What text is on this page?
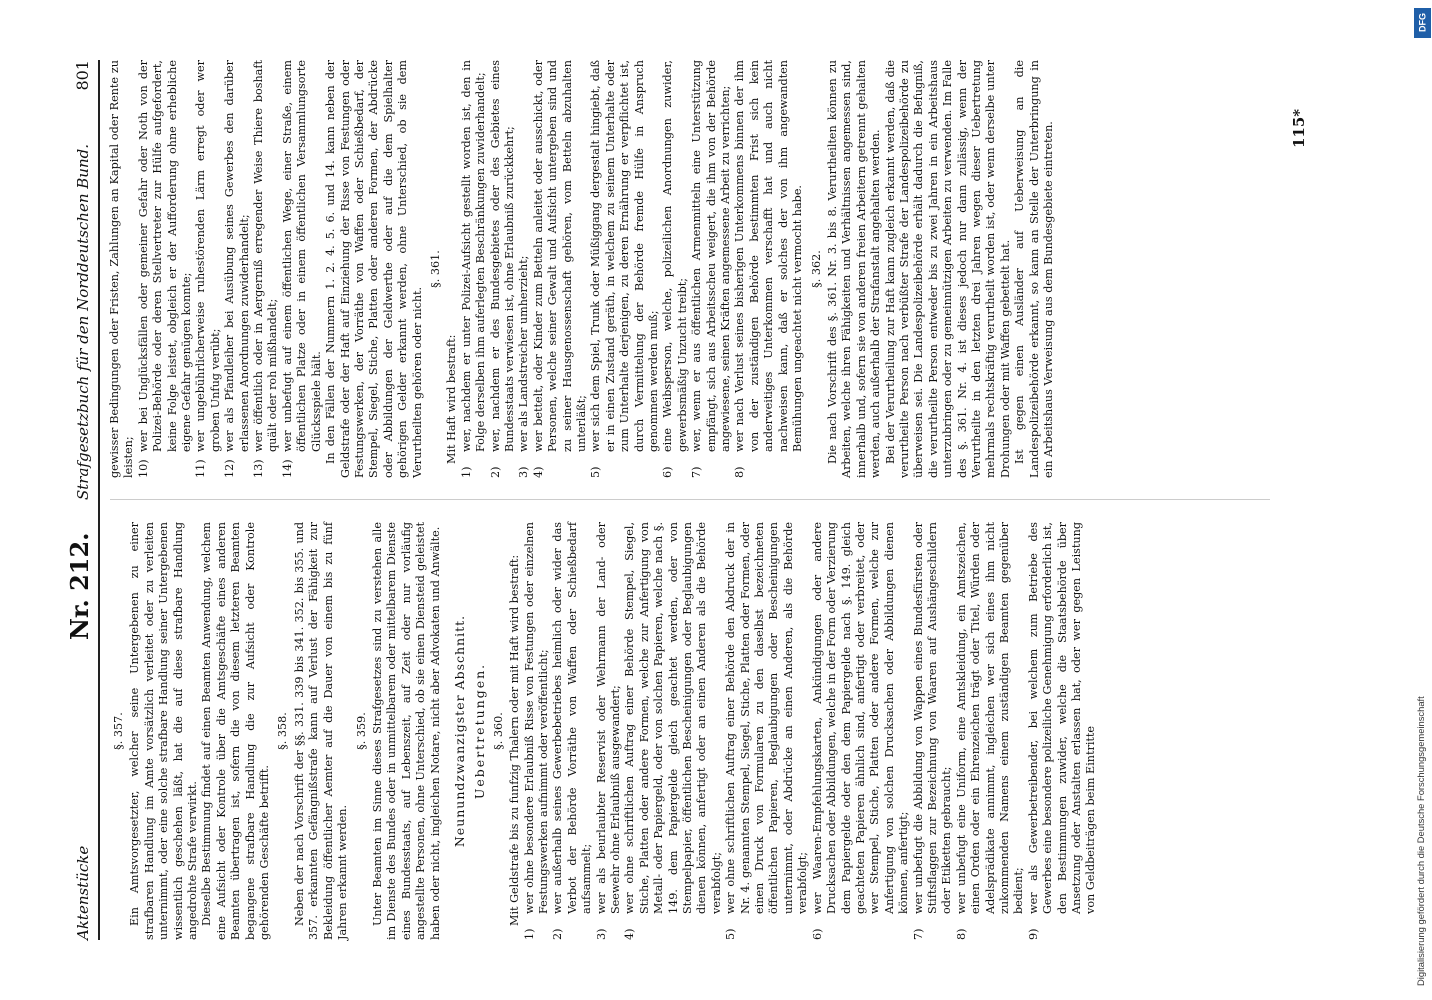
Aktenstücke
Nr. 212.
Strafgesetzbuch für den Norddeutschen Bund.
801
§. 357. Ein Amtsvorgesetzter, welcher seine Untergebenen zu einer strafbaren Handlung im Amte vorsätzlich verleitet oder zu verleiten unternimmt, oder eine solche strafbare Handlung seiner Untergebenen wissentlich geschehen läßt, hat die auf diese strafbare Handlung angedrohte Strafe verwirkt. Dieselbe Bestimmung findet auf einen Beamten Anwendung, welchem eine Aufsicht oder Kontrole über die Amtsgeschäfte eines anderen Beamten übertragen ist, sofern die von diesem letzteren Beamten begangene strafbare Handlung die zur Aufsicht oder Kontrole gehörenden Geschäfte betrifft.

§. 358. Neben der nach Vorschrift der §§. 331. 339 bis 341. 352. bis 355. und 357. erkannten Gefängnißstrafe kann auf Verlust der Fähigkeit zur Bekleidung öffentlicher Aemter auf die Dauer von einem bis zu fünf Jahren erkannt werden.

§. 359. Unter Beamten im Sinne dieses Strafgesetzes sind zu verstehen alle im Dienste des Bundes oder in unmittelbarem oder mittelbarem Dienste eines Bundesstaats, auf Lebenszeit, auf Zeit oder nur vorläufig angestellte Personen, ohne Unterschied, ob sie einen Diensteid geleistet haben oder nicht, ingleichen Notare, nicht aber Advokaten und Anwälte. Neunundzwanzigster Abschnitt. Uebertretungen. §. 360. Mit Geldstrafe bis zu funfzig Thalern oder mit Haft wird bestraft:

1)
wer ohne besondere Erlaubniß Risse von Festungen oder einzelnen Festungswerken aufnimmt oder veröffentlicht;
2)
wer außerhalb seines Gewerbebetriebes heimlich oder wider das Verbot der Behörde Vorräthe von Waffen oder Schießbedarf aufsammelt;
3)
wer als beurlaubter Reservist oder Wehrmann der Land- oder Seewehr ohne Erlaubniß ausgewandert;
4)
wer ohne schriftlichen Auftrag einer Behörde Stempel, Siegel, Stiche, Platten oder andere Formen, welche zur Anfertigung von Metall- oder Papiergeld, oder von solchen Papieren, welche nach §. 149. dem Papiergelde gleich geachtet werden, oder von Stempelpapier, öffentlichen Bescheinigungen oder Beglaubigungen dienen können, anfertigt oder an einen Anderen als die Behörde verabfolgt;
5)
wer ohne schriftlichen Auftrag einer Behörde den Abdruck der in Nr. 4. genannten Stempel, Siegel, Stiche, Platten oder Formen, oder einen Druck von Formularen zu den daselbst bezeichneten öffentlichen Papieren, Beglaubigungen oder Bescheinigungen unternimmt, oder Abdrücke an einen Anderen, als die Behörde verabfolgt;
6)
wer Waaren-Empfehlungskarten, Ankündigungen oder andere Drucksachen oder Abbildungen, welche in der Form oder Verzierung dem Papiergelde oder den dem Papiergelde nach §. 149. gleich geachteten Papieren ähnlich sind, anfertigt oder verbreitet, oder wer Stempel, Stiche, Platten oder andere Formen, welche zur Anfertigung von solchen Drucksachen oder Abbildungen dienen können, anfertigt;
7)
wer unbefugt die Abbildung von Wappen eines Bundesfürsten oder Stiftsflaggen zur Bezeichnung von Waaren auf Aushängeschildern oder Etiketten gebraucht;
8)
wer unbefugt eine Uniform, eine Amtskleidung, ein Amtszeichen, einen Orden oder ein Ehrenzeichen trägt oder Titel, Würden oder Adelsprädikate annimmt, ingleichen wer sich eines ihm nicht zukommenden Namens einem zuständigen Beamten gegenüber bedient;
9)
wer als Gewerbetreibender, bei welchem zum Betriebe des Gewerbes eine besondere polizeiliche Genehmigung erforderlich ist, den Bestimmungen zuwider, welche die Staatsbehörde über Ansetzung oder Anstalten erlassen hat, oder wer gegen Leistung von Geldbeiträgen beim Eintritte

gewisser Bedingungen oder Fristen, Zahlungen an Kapital oder Rente zu leisten; 10)
wer bei Unglücksfällen oder gemeiner Gefahr oder Noth von der Polizei-Behörde oder deren Stellvertreter zur Hülfe aufgefordert, keine Folge leistet, obgleich er der Aufforderung ohne erhebliche eigene Gefahr genügen konnte;
11)
wer ungebührlicherweise ruhestörenden Lärm erregt oder wer groben Unfug verübt;
12)
wer als Pfandleiher bei Ausübung seines Gewerbes den darüber erlassenen Anordnungen zuwiderhandelt;
13)
wer öffentlich oder in Aergerniß erregender Weise Thiere boshaft quält oder roh mißhandelt;
14)
wer unbefugt auf einem öffentlichen Wege, einer Straße, einem öffentlichen Platze oder in einem öffentlichen Versammlungsorte Glücksspiele hält. In den Fällen der Nummern 1. 2. 4. 5. 6. und 14. kann neben der Geldstrafe oder der Haft auf Einziehung der Risse von Festungen oder Festungswerken, der Vorräthe von Waffen oder Schießbedarf, der Stempel, Siegel, Stiche, Platten oder anderen Formen, der Abdrücke oder Abbildungen der Geldwerthe oder auf die dem Spielhalter gehörigen Gelder erkannt werden, ohne Unterschied, ob sie dem Verurtheilten gehören oder nicht.

§. 361.

Mit Haft wird bestraft:

1)
wer, nachdem er unter Polizei-Aufsicht gestellt worden ist, den in Folge derselben ihm auferlegten Beschränkungen zuwiderhandelt;
2)
wer, nachdem er des Bundesgebietes oder des Gebietes eines Bundesstaats verwiesen ist, ohne Erlaubniß zurückkehrt;
3)
wer als Landstreicher umherzieht;
4)
wer bettelt, oder Kinder zum Betteln anleitet oder ausschickt, oder Personen, welche seiner Gewalt und Aufsicht untergeben sind und zu seiner Hausgenossenschaft gehören, vom Betteln abzuhalten unterläßt;
5)
wer sich dem Spiel, Trunk oder Müßiggang dergestalt hingiebt, daß er in einen Zustand geräth, in welchem zu seinem Unterhalte oder zum Unterhalte derjenigen, zu deren Ernährung er verpflichtet ist, durch Vermittelung der Behörde fremde Hülfe in Anspruch genommen werden muß;
6)
eine Weibsperson, welche, polizeilichen Anordnungen zuwider, gewerbsmäßig Unzucht treibt;
7)
wer, wenn er aus öffentlichen Armenmitteln eine Unterstützung empfängt, sich aus Arbeitsscheu weigert, die ihm von der Behörde angewiesene, seinen Kräften angemessene Arbeit zu verrichten;
8)
wer nach Verlust seines bisherigen Unterkommens binnen der ihm von der zuständigen Behörde bestimmten Frist sich kein anderweitiges Unterkommen verschafft hat und auch nicht nachweisen kann, daß er solches der von ihm angewandten Bemühungen ungeachtet nicht vermocht habe. §. 362. Die nach Vorschrift des §. 361. Nr. 3. bis 8. Verurtheilten können zu Arbeiten, welche ihren Fähigkeiten und Verhältnissen angemessen sind, innerhalb und, sofern sie von anderen freien Arbeitern getrennt gehalten werden, auch außerhalb der Strafanstalt angehalten werden. Bei der Verurtheilung zur Haft kann zugleich erkannt werden, daß die verurtheilte Person nach verbüßter Strafe der Landespolizeibehörde zu überweisen sei. Die Landespolizeibehörde erhält dadurch die Befugniß, die verurtheilte Person entweder bis zu zwei Jahren in ein Arbeitshaus unterzubringen oder zu gemeinnützigen Arbeiten zu verwenden. Im Falle des §. 361. Nr. 4. ist dieses jedoch nur dann zulässig, wenn der Verurtheilte in den letzten drei Jahren wegen dieser Uebertretung mehrmals rechtskräftig verurtheilt worden ist, oder wenn derselbe unter Drohungen oder mit Waffen gebettelt hat. Ist gegen einen Ausländer auf Ueberweisung an die Landespolizeibehörde erkannt, so kann an Stelle der Unterbringung in ein Arbeitshaus Verweisung aus dem Bundesgebiete eintreten.	115*
DFG
Digitalisierung gefördert durch die Deutsche Forschungsgemeinschaft
